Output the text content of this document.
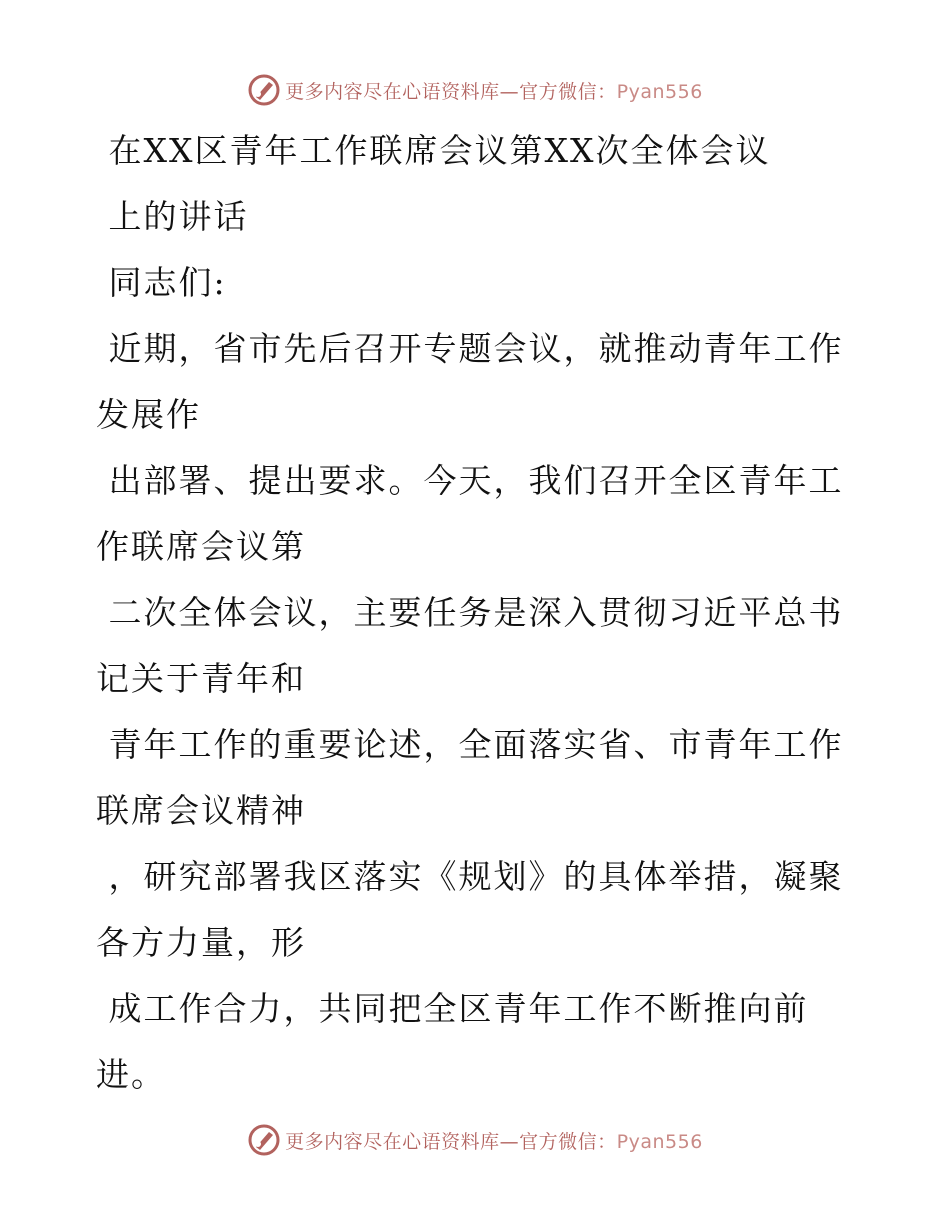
更多内容尽在心语资料库—官方微信：Pyan556

在XX区青年工作联席会议第XX次全体会议

上的讲话

同志们:

近期，省市先后召开专题会议，就推动青年工作

发展作

出部署、提出要求。今天，我们召开全区青年工

作联席会议第

二次全体会议，主要任务是深入贯彻习近平总书

记关于青年和

青年工作的重要论述，全面落实省、市青年工作

联席会议精神

，研究部署我区落实《规划》的具体举措，凝聚

各方力量，形

成工作合力，共同把全区青年工作不断推向前

进。

更多内容尽在心语资料库—官方微信：Pyan556
